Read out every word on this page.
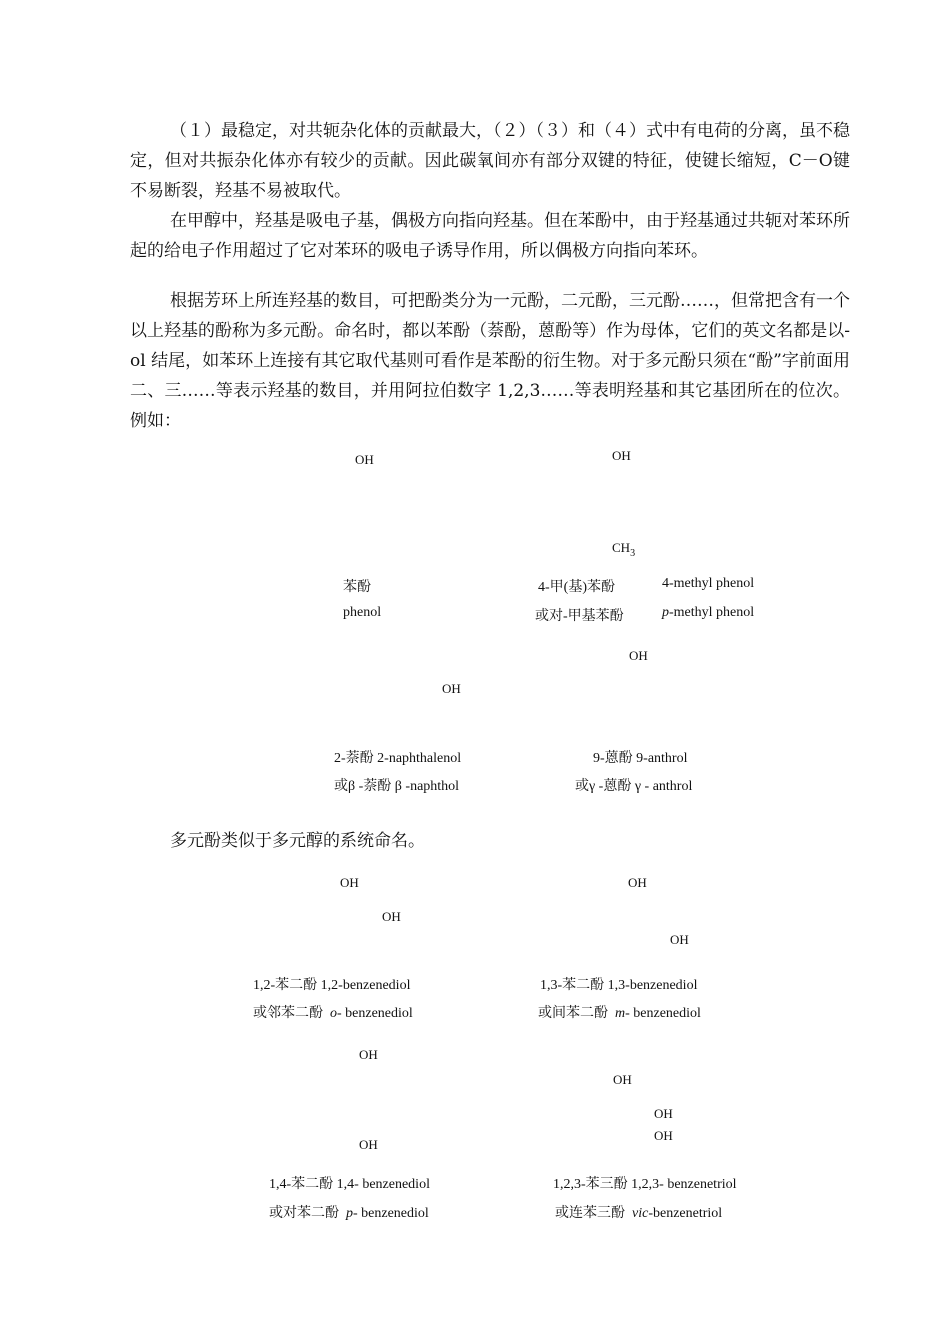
（１）最稳定，对共轭杂化体的贡献最大，（２）（３）和（４）式中有电荷的分离，虽不稳定，但对共振杂化体亦有较少的贡献。因此碳氧间亦有部分双键的特征，使键长缩短，C－O键不易断裂，羟基不易被取代。

在甲醇中，羟基是吸电子基，偶极方向指向羟基。但在苯酚中，由于羟基通过共轭对苯环所起的给电子作用超过了它对苯环的吸电子诱导作用，所以偶极方向指向苯环。

根据芳环上所连羟基的数目，可把酚类分为一元酚，二元酚，三元酚……，但常把含有一个以上羟基的酚称为多元酚。命名时，都以苯酚（萘酚，蒽酚等）作为母体，它们的英文名都是以-ol 结尾，如苯环上连接有其它取代基则可看作是苯酚的衍生物。对于多元酚只须在“酚”字前面用二、三……等表示羟基的数目，并用阿拉伯数字 1,2,3……等表明羟基和其它基团所在的位次。例如：

多元酚类似于多元醇的系统命名。

OH
苯酚
phenol
OH
$CH_3$
4-甲(基)苯酚	4-methyl phenol
或对-甲基苯酚	p-methyl phenol
OH
2-萘酚 2-naphthalenol
或β -萘酚 β -naphthol
OH
9-蒽酚 9-anthrol
或γ -蒽酚 γ - anthrol
OH
OH
1,2-苯二酚 1,2-benzenediol
或邻苯二酚 o- benzenediol
OH
OH
1,3-苯二酚 1,3-benzenediol
或间苯二酚 m- benzenediol
OH
OH
1,4-苯二酚 1,4- benzenediol
或对苯二酚 p- benzenediol
OH
OH
OH
1,2,3-苯三酚 1,2,3- benzenetriol
或连苯三酚 vic-benzenetriol
